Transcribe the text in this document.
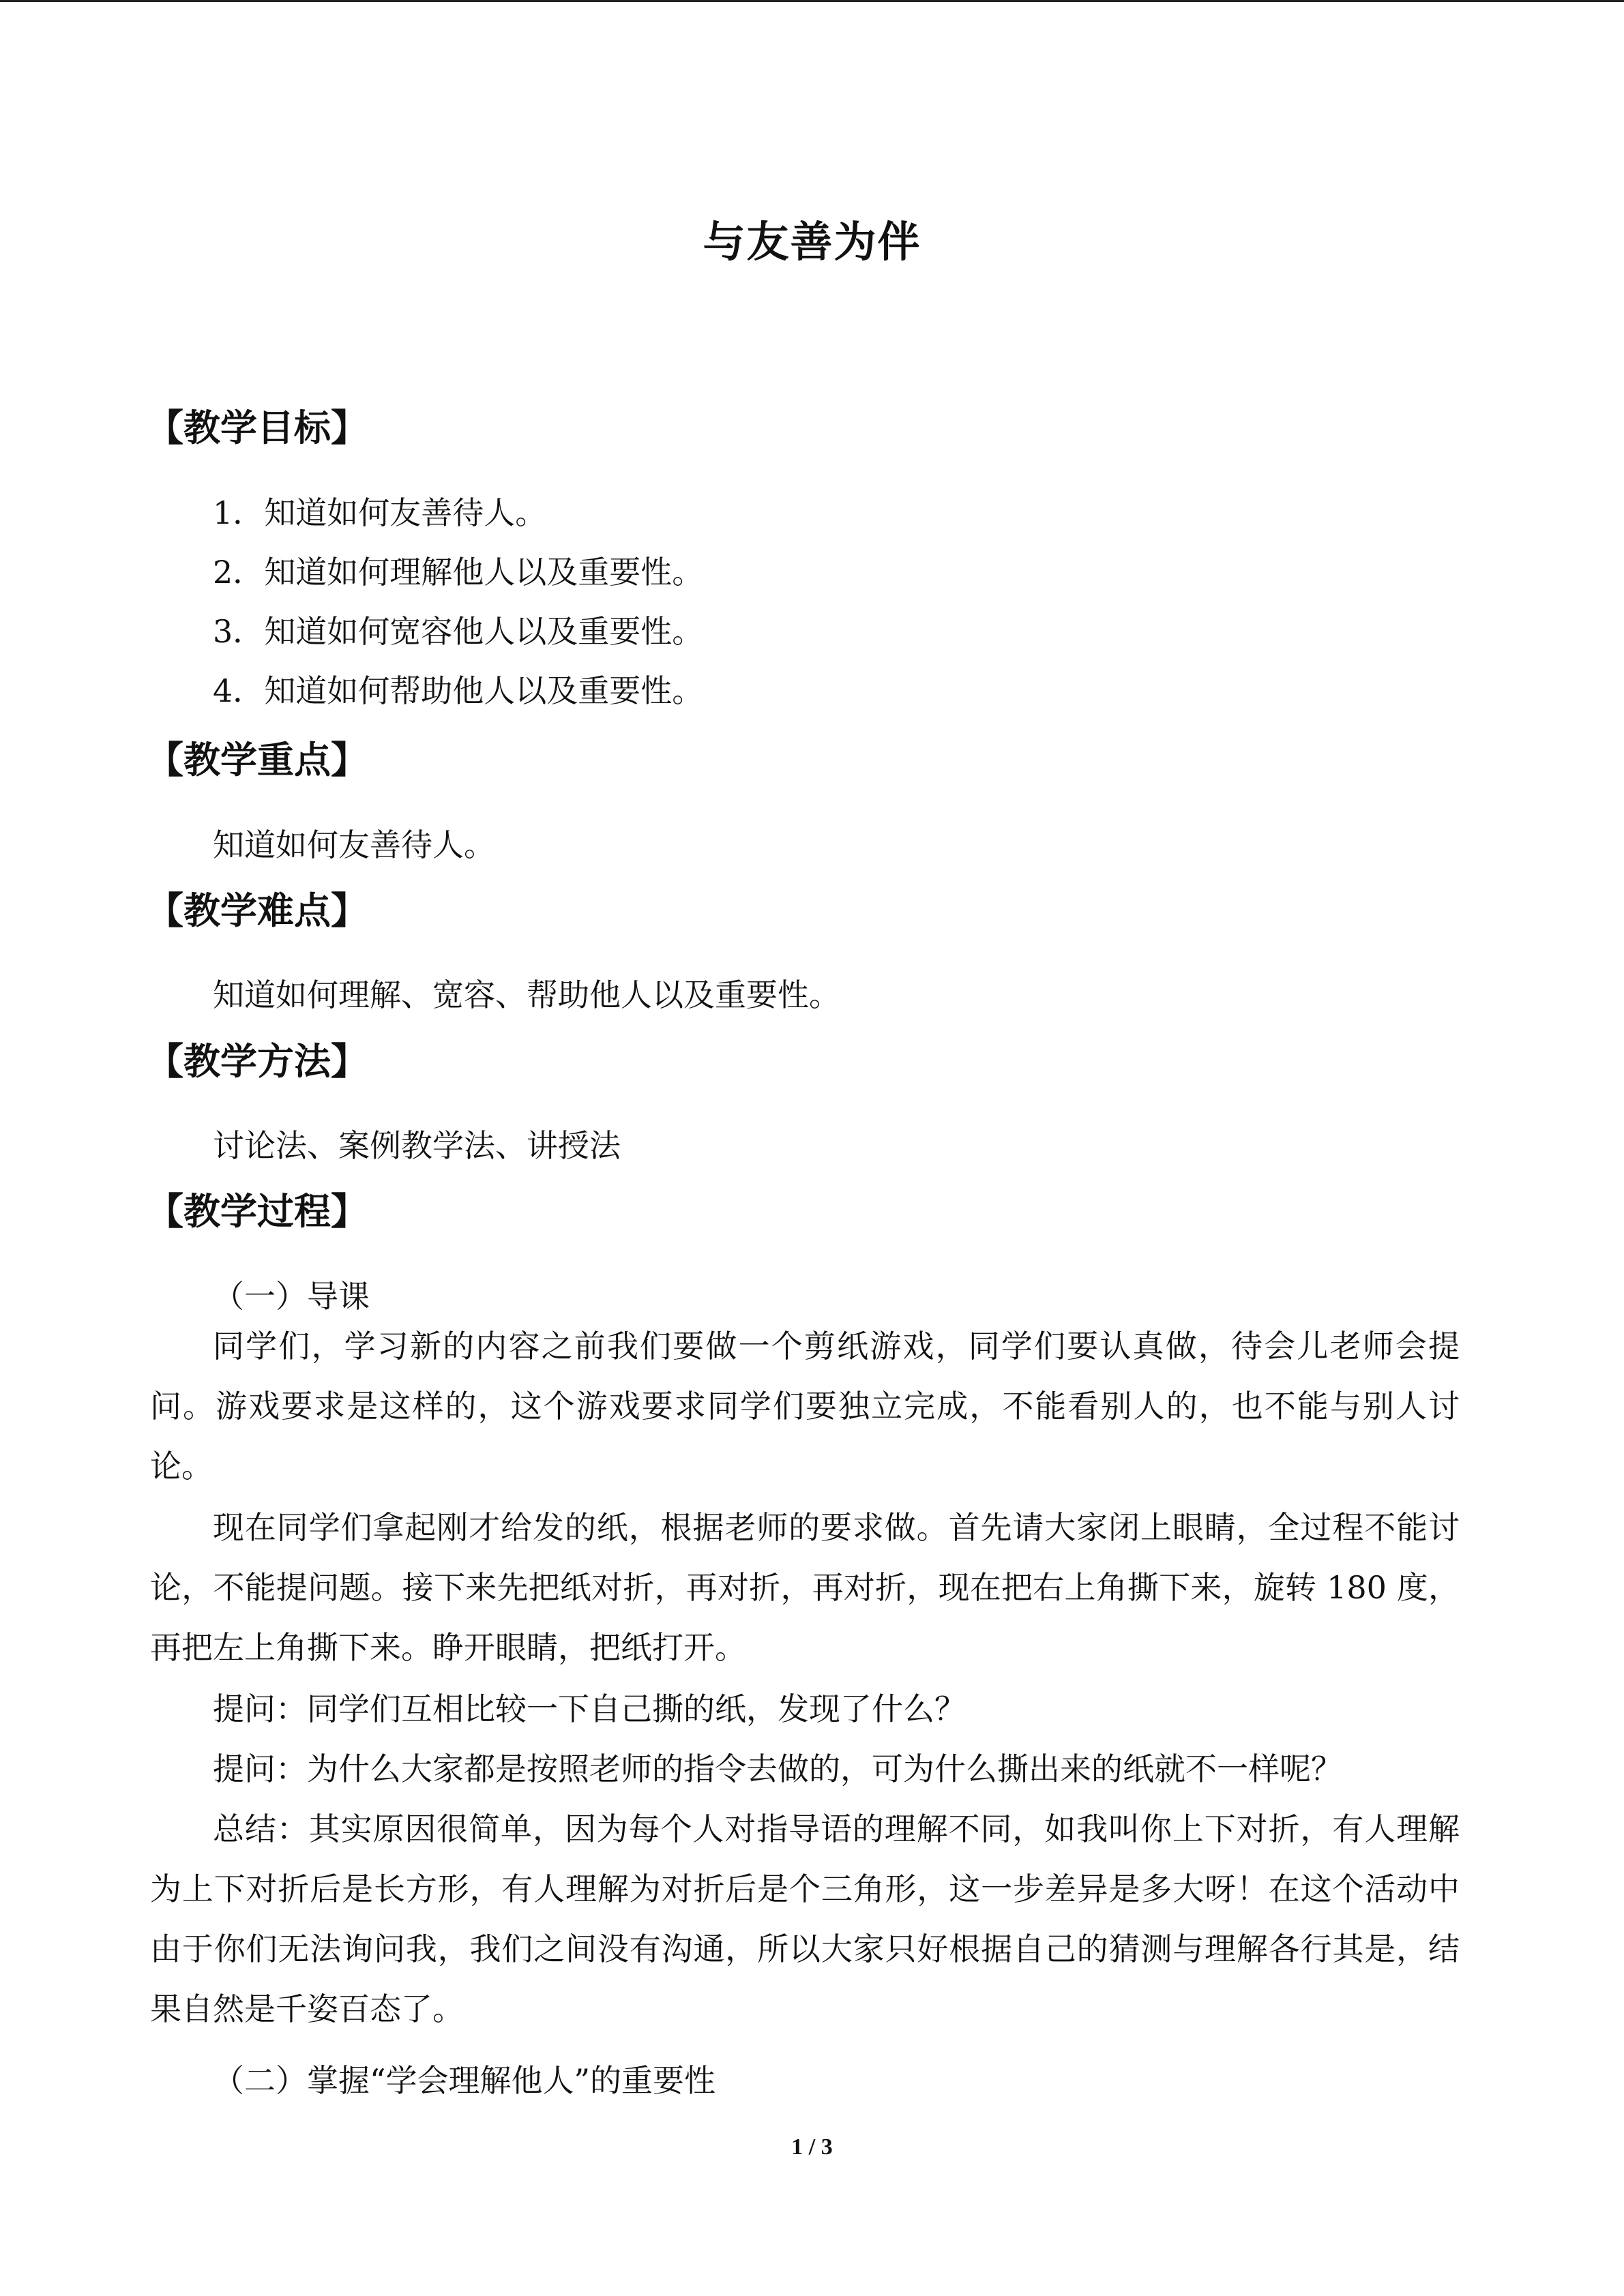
与友善为伴
【教学目标】
1．知道如何友善待人。
2．知道如何理解他人以及重要性。
3．知道如何宽容他人以及重要性。
4．知道如何帮助他人以及重要性。
【教学重点】
知道如何友善待人。
【教学难点】
知道如何理解、宽容、帮助他人以及重要性。
【教学方法】
讨论法、案例教学法、讲授法
【教学过程】
（一）导课
同学们，学习新的内容之前我们要做一个剪纸游戏，同学们要认真做，待会儿老师会提问。游戏要求是这样的，这个游戏要求同学们要独立完成，不能看别人的，也不能与别人讨论。
现在同学们拿起刚才给发的纸，根据老师的要求做。首先请大家闭上眼睛，全过程不能讨论，不能提问题。接下来先把纸对折，再对折，再对折，现在把右上角撕下来，旋转 180 度，再把左上角撕下来。睁开眼睛，把纸打开。
提问：同学们互相比较一下自己撕的纸，发现了什么？
提问：为什么大家都是按照老师的指令去做的，可为什么撕出来的纸就不一样呢？
总结：其实原因很简单，因为每个人对指导语的理解不同，如我叫你上下对折，有人理解为上下对折后是长方形，有人理解为对折后是个三角形，这一步差异是多大呀！在这个活动中由于你们无法询问我，我们之间没有沟通，所以大家只好根据自己的猜测与理解各行其是，结果自然是千姿百态了。
（二）掌握“学会理解他人”的重要性
1 / 3
